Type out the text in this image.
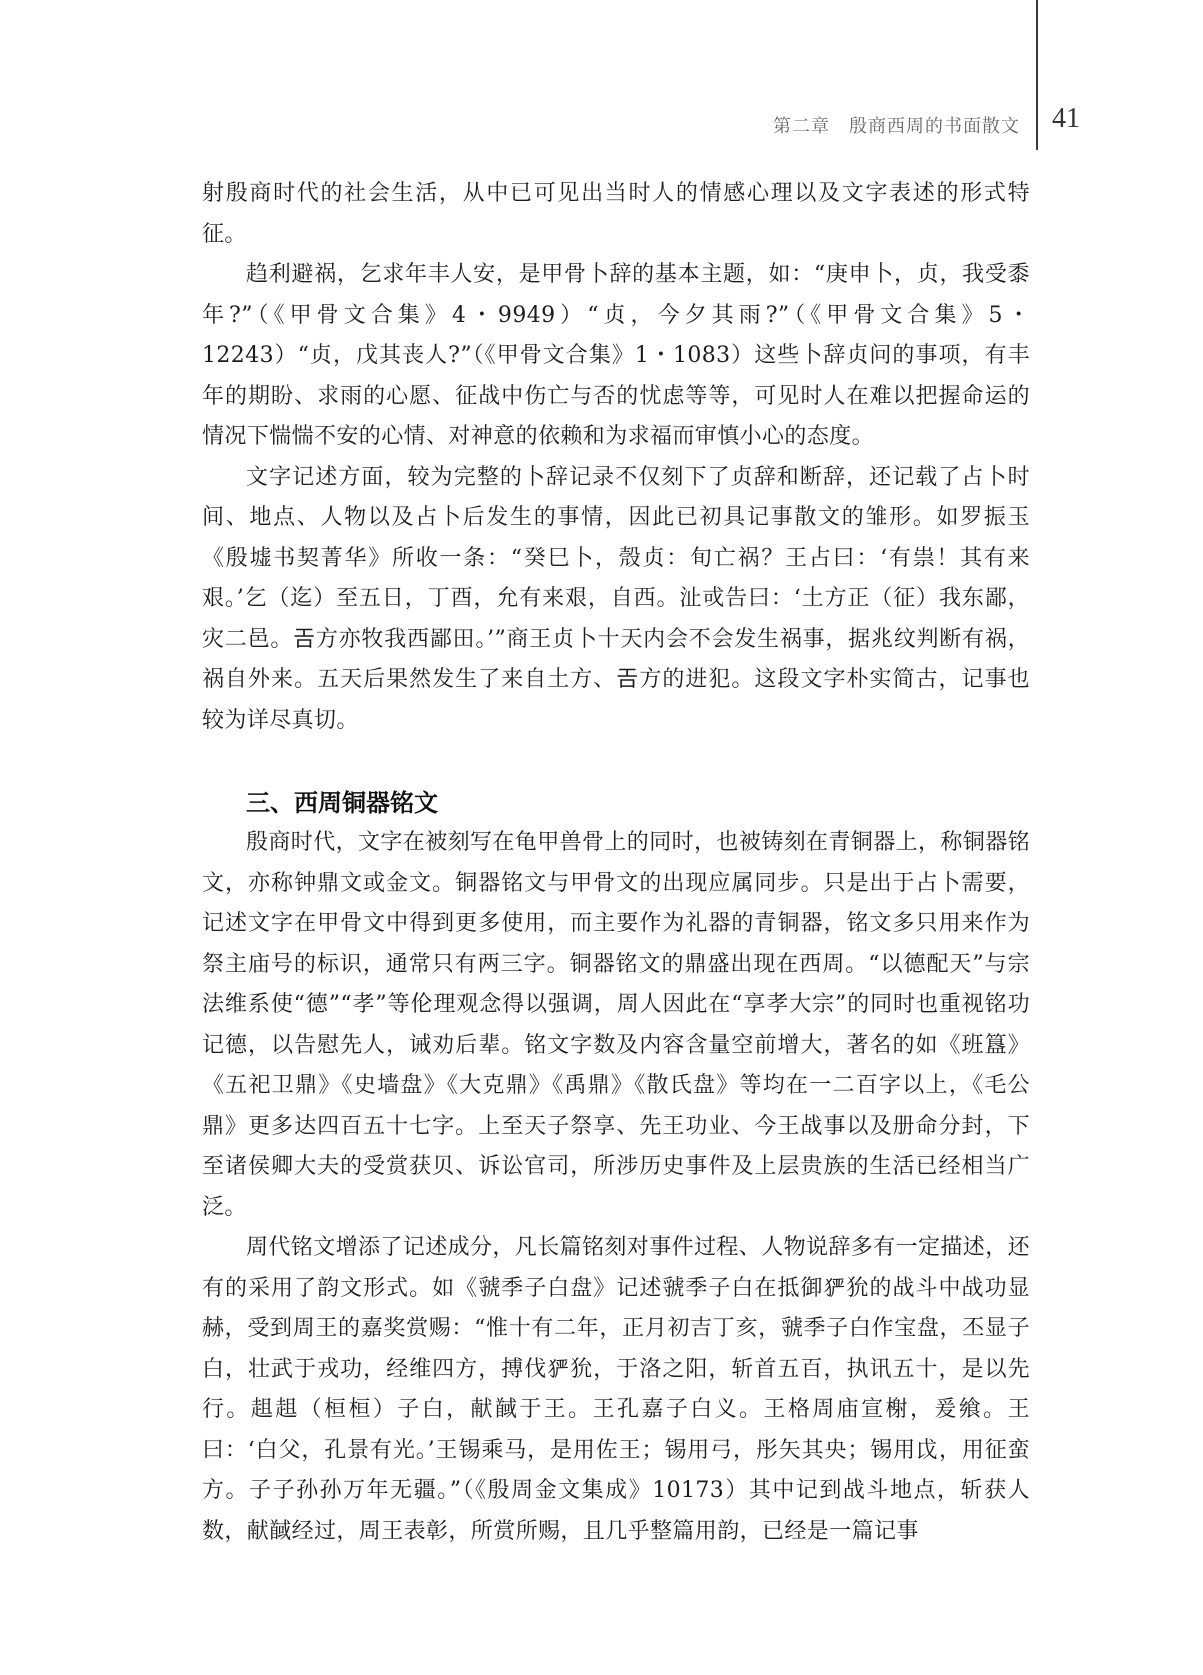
第二章　殷商西周的书面散文 41

射殷商时代的社会生活，从中已可见出当时人的情感心理以及文字表述的形式特征。

趋利避祸，乞求年丰人安，是甲骨卜辞的基本主题，如：“庚申卜，贞，我受黍年?”（《甲骨文合集》4・9949）“贞，今夕其雨?”（《甲骨文合集》5・12243）“贞，戊其丧人?”（《甲骨文合集》1・1083）这些卜辞贞问的事项，有丰年的期盼、求雨的心愿、征战中伤亡与否的忧虑等等，可见时人在难以把握命运的情况下惴惴不安的心情、对神意的依赖和为求福而审慎小心的态度。

文字记述方面，较为完整的卜辞记录不仅刻下了贞辞和断辞，还记载了占卜时间、地点、人物以及占卜后发生的事情，因此已初具记事散文的雏形。如罗振玉《殷墟书契菁华》所收一条：“癸巳卜，殼贞：旬亡祸？王占曰：‘有祟！其有来艰。’乞（迄）至五日，丁酉，允有来艰，自西。沚戓告曰：‘土方正（征）我东鄙，灾二邑。𢀛方亦牧我西鄙田。’”商王贞卜十天内会不会发生祸事，据兆纹判断有祸，祸自外来。五天后果然发生了来自土方、𢀛方的进犯。这段文字朴实简古，记事也较为详尽真切。

三、西周铜器铭文

殷商时代，文字在被刻写在龟甲兽骨上的同时，也被铸刻在青铜器上，称铜器铭文，亦称钟鼎文或金文。铜器铭文与甲骨文的出现应属同步。只是出于占卜需要，记述文字在甲骨文中得到更多使用，而主要作为礼器的青铜器，铭文多只用来作为祭主庙号的标识，通常只有两三字。铜器铭文的鼎盛出现在西周。“以德配天”与宗法维系使“德”“孝”等伦理观念得以强调，周人因此在“享孝大宗”的同时也重视铭功记德，以告慰先人，诫劝后辈。铭文字数及内容含量空前增大，著名的如《班簋》《五祀卫鼎》《史墙盘》《大克鼎》《禹鼎》《散氏盘》等均在一二百字以上，《毛公鼎》更多达四百五十七字。上至天子祭享、先王功业、今王战事以及册命分封，下至诸侯卿大夫的受赏获贝、诉讼官司，所涉历史事件及上层贵族的生活已经相当广泛。

周代铭文增添了记述成分，凡长篇铭刻对事件过程、人物说辞多有一定描述，还有的采用了韵文形式。如《虢季子白盘》记述虢季子白在抵御𤞤狁的战斗中战功显赫，受到周王的嘉奖赏赐：“惟十有二年，正月初吉丁亥，虢季子白作宝盘，丕显子白，壮武于戎功，经维四方，搏伐𤞤狁，于洛之阳，斩首五百，执讯五十，是以先行。趄趄（桓桓）子白，献馘于王。王孔嘉子白义。王格周庙宣榭，爰飨。王曰：‘白父，孔景有光。’王锡乘马，是用佐王；锡用弓，彤矢其央；锡用戉，用征蛮方。子子孙孙万年无疆。”（《殷周金文集成》10173）其中记到战斗地点，斩获人数，献馘经过，周王表彰，所赏所赐，且几乎整篇用韵，已经是一篇记事
